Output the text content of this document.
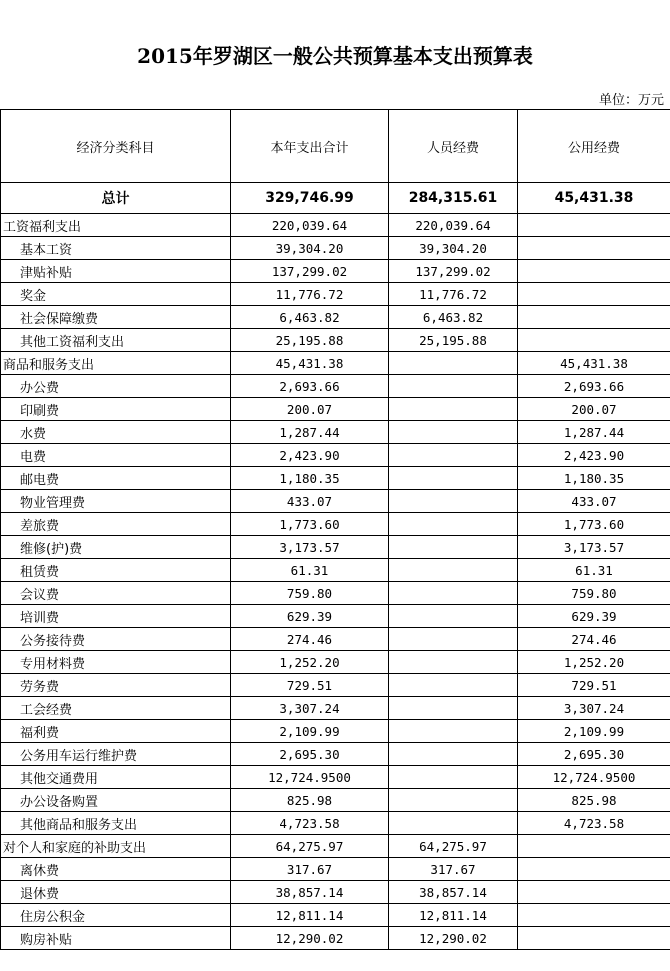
2015年罗湖区一般公共预算基本支出预算表
单位：万元
经济分类科目	本年支出合计	人员经费	公用经费
总计	329,746.99	284,315.61	45,431.38
工资福利支出	220,039.64	220,039.64	
基本工资	39,304.20	39,304.20	
津贴补贴	137,299.02	137,299.02	
奖金	11,776.72	11,776.72	
社会保障缴费	6,463.82	6,463.82	
其他工资福利支出	25,195.88	25,195.88	
商品和服务支出	45,431.38		45,431.38
办公费	2,693.66		2,693.66
印刷费	200.07		200.07
水费	1,287.44		1,287.44
电费	2,423.90		2,423.90
邮电费	1,180.35		1,180.35
物业管理费	433.07		433.07
差旅费	1,773.60		1,773.60
维修(护)费	3,173.57		3,173.57
租赁费	61.31		61.31
会议费	759.80		759.80
培训费	629.39		629.39
公务接待费	274.46		274.46
专用材料费	1,252.20		1,252.20
劳务费	729.51		729.51
工会经费	3,307.24		3,307.24
福利费	2,109.99		2,109.99
公务用车运行维护费	2,695.30		2,695.30
其他交通费用	12,724.9500		12,724.9500
办公设备购置	825.98		825.98
其他商品和服务支出	4,723.58		4,723.58
对个人和家庭的补助支出	64,275.97	64,275.97	
离休费	317.67	317.67	
退休费	38,857.14	38,857.14	
住房公积金	12,811.14	12,811.14	
购房补贴	12,290.02	12,290.02	
